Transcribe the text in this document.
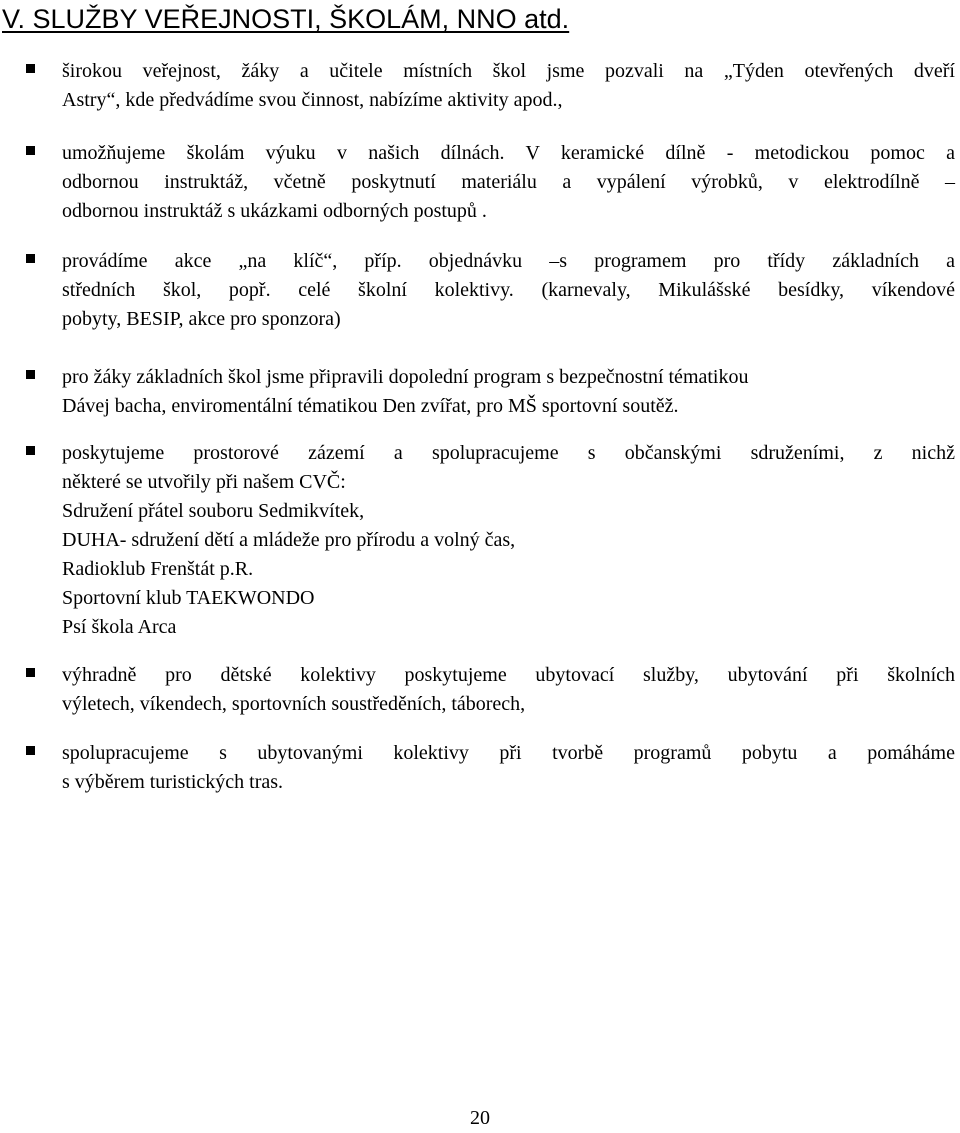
V. SLUŽBY VEŘEJNOSTI, ŠKOLÁM, NNO atd.
širokou veřejnost, žáky a učitele místních škol jsme pozvali na „Týden otevřených dveří
Astry“, kde předvádíme svou činnost, nabízíme aktivity apod.,
umožňujeme školám výuku v našich dílnách. V keramické dílně - metodickou pomoc a
odbornou instruktáž, včetně poskytnutí materiálu a vypálení výrobků, v elektrodílně –
odbornou instruktáž s ukázkami odborných postupů .
provádíme akce „na klíč“, příp. objednávku –s programem pro třídy základních a
středních škol, popř. celé školní kolektivy. (karnevaly, Mikulášské besídky, víkendové
pobyty, BESIP, akce pro sponzora)
pro žáky základních škol jsme připravili dopolední program s bezpečnostní tématikou
Dávej bacha, enviromentální tématikou Den zvířat, pro MŠ sportovní soutěž.
poskytujeme prostorové zázemí a spolupracujeme s občanskými sdruženími, z nichž
některé se utvořily při našem CVČ:
Sdružení přátel souboru Sedmikvítek,
DUHA- sdružení dětí a mládeže pro přírodu a volný čas,
Radioklub Frenštát p.R.
Sportovní klub TAEKWONDO
Psí škola Arca
výhradně pro dětské kolektivy poskytujeme ubytovací služby, ubytování při školních
výletech, víkendech, sportovních soustředěních, táborech,
spolupracujeme s ubytovanými kolektivy při tvorbě programů pobytu a pomáháme
s výběrem turistických tras.
20
